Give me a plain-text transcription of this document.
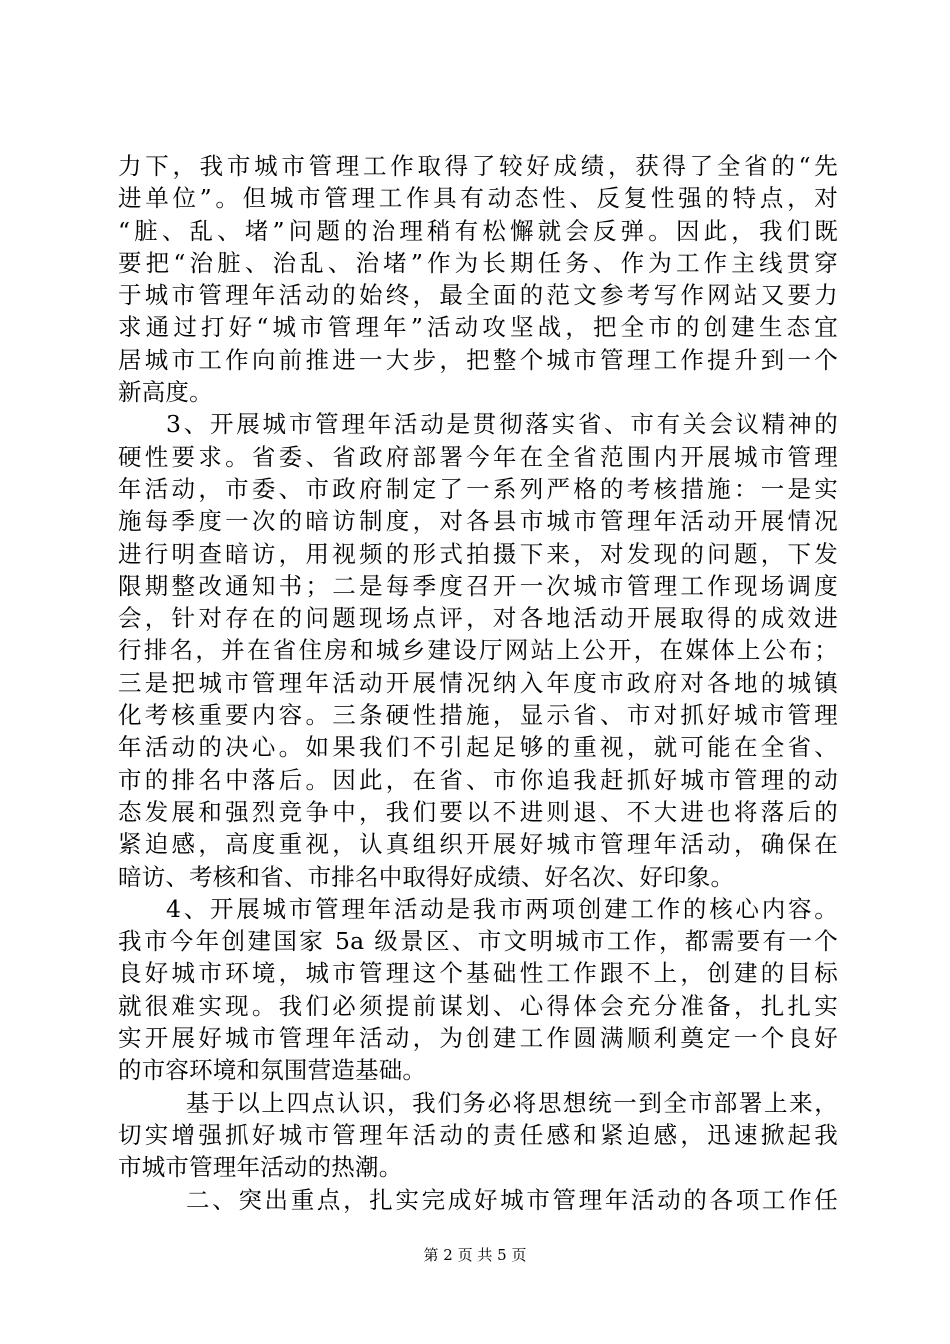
力下，我市城市管理工作取得了较好成绩，获得了全省的“先
进单位”。但城市管理工作具有动态性、反复性强的特点，对
“脏、乱、堵”问题的治理稍有松懈就会反弹。因此，我们既
要把“治脏、治乱、治堵”作为长期任务、作为工作主线贯穿
于城市管理年活动的始终，最全面的范文参考写作网站又要力
求通过打好“城市管理年”活动攻坚战，把全市的创建生态宜
居城市工作向前推进一大步，把整个城市管理工作提升到一个
新高度。
3、开展城市管理年活动是贯彻落实省、市有关会议精神的
硬性要求。省委、省政府部署今年在全省范围内开展城市管理
年活动，市委、市政府制定了一系列严格的考核措施：一是实
施每季度一次的暗访制度，对各县市城市管理年活动开展情况
进行明查暗访，用视频的形式拍摄下来，对发现的问题，下发
限期整改通知书；二是每季度召开一次城市管理工作现场调度
会，针对存在的问题现场点评，对各地活动开展取得的成效进
行排名，并在省住房和城乡建设厅网站上公开，在媒体上公布；
三是把城市管理年活动开展情况纳入年度市政府对各地的城镇
化考核重要内容。三条硬性措施，显示省、市对抓好城市管理
年活动的决心。如果我们不引起足够的重视，就可能在全省、
市的排名中落后。因此，在省、市你追我赶抓好城市管理的动
态发展和强烈竞争中，我们要以不进则退、不大进也将落后的
紧迫感，高度重视，认真组织开展好城市管理年活动，确保在
暗访、考核和省、市排名中取得好成绩、好名次、好印象。
4、开展城市管理年活动是我市两项创建工作的核心内容。
我市今年创建国家 5a 级景区、市文明城市工作，都需要有一个
良好城市环境，城市管理这个基础性工作跟不上，创建的目标
就很难实现。我们必须提前谋划、心得体会充分准备，扎扎实
实开展好城市管理年活动，为创建工作圆满顺利奠定一个良好
的市容环境和氛围营造基础。
基于以上四点认识，我们务必将思想统一到全市部署上来，
切实增强抓好城市管理年活动的责任感和紧迫感，迅速掀起我
市城市管理年活动的热潮。
二、突出重点，扎实完成好城市管理年活动的各项工作任
第 2 页 共 5 页
